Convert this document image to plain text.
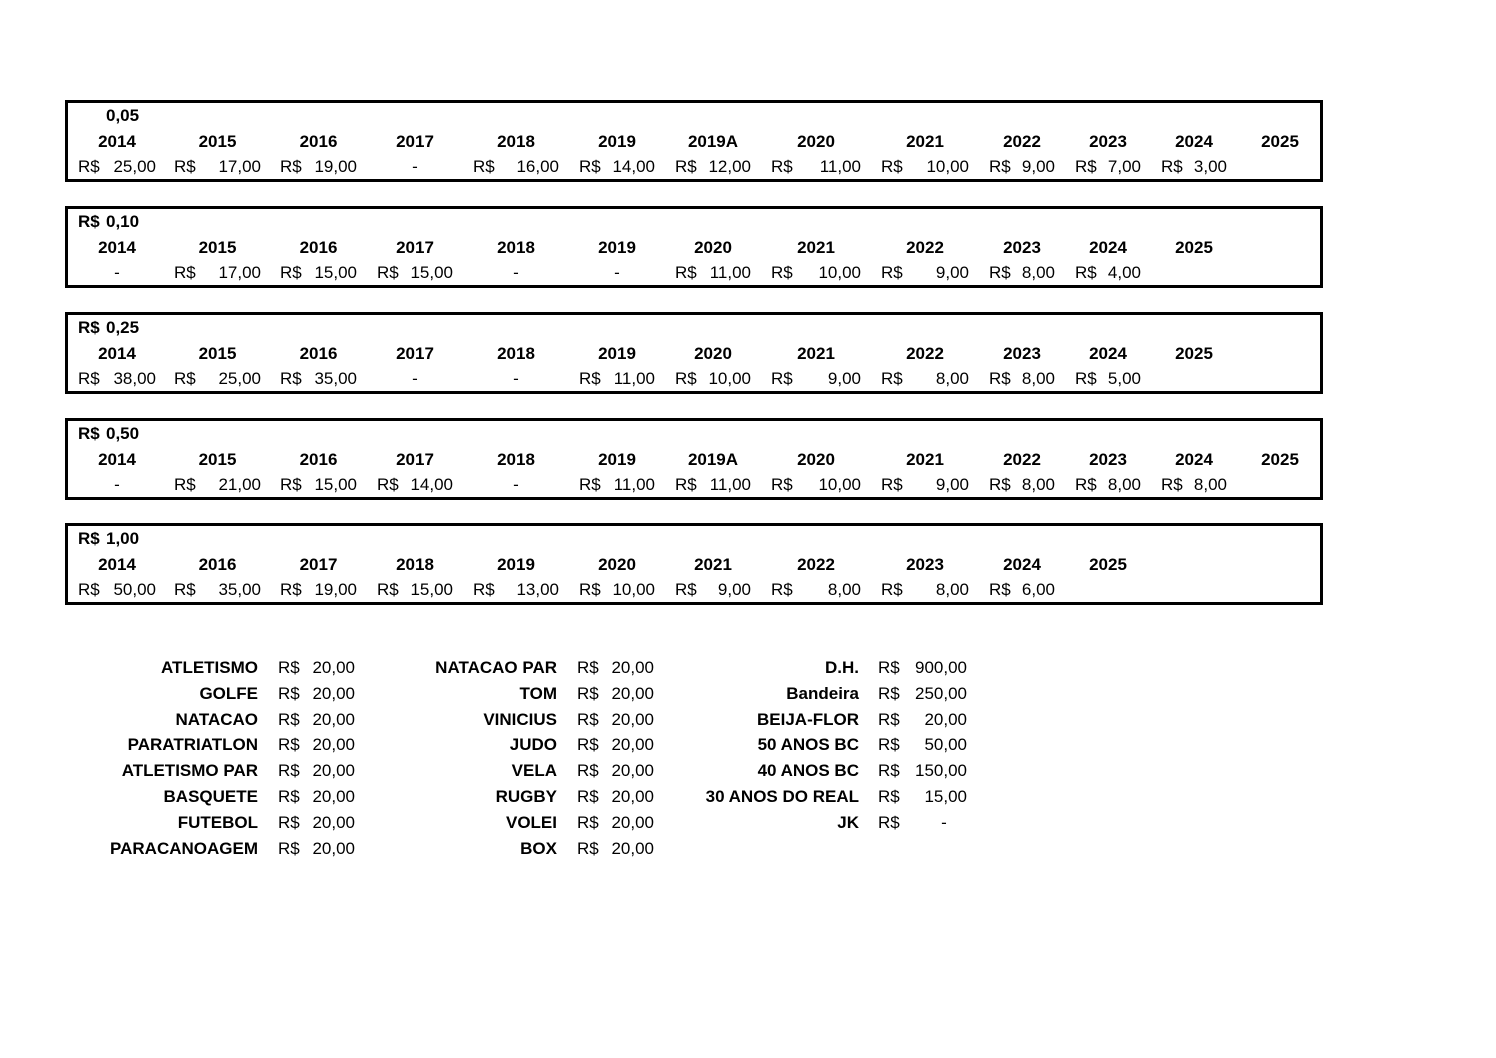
0,05
2014	2015	2016	2017	2018	2019	2019A	2020	2021	2022	2023	2024	2025
R$ 25,00 R$ 17,00 R$ 19,00	-	R$ 16,00 R$ 14,00 R$ 12,00 R$ 11,00 R$ 10,00 R$ 9,00 R$ 7,00 R$ 3,00
R$ 0,10
2014	2015	2016	2017	2018	2019	2020	2021	2022	2023	2024	2025
-	R$ 17,00 R$ 15,00 R$ 15,00	-	-	R$ 11,00 R$ 10,00 R$ 9,00 R$ 8,00 R$ 4,00
R$ 0,25
2014	2015	2016	2017	2018	2019	2020	2021	2022	2023	2024	2025
R$ 38,00 R$ 25,00 R$ 35,00	-	-	R$ 11,00 R$ 10,00 R$ 9,00 R$ 8,00 R$ 8,00 R$ 5,00
R$ 0,50
2014	2015	2016	2017	2018	2019	2019A	2020	2021	2022	2023	2024	2025
-	R$ 21,00 R$ 15,00 R$ 14,00	-	R$ 11,00 R$ 11,00 R$ 10,00 R$ 9,00 R$ 8,00 R$ 8,00 R$ 8,00
R$ 1,00
2014	2016	2017	2018	2019	2020	2021	2022	2023	2024	2025
R$ 50,00 R$ 35,00 R$ 19,00 R$ 15,00 R$ 13,00 R$ 10,00 R$ 9,00 R$ 8,00 R$ 8,00 R$ 6,00
ATLETISMO R$ 20,00
GOLFE R$ 20,00
NATACAO R$ 20,00
PARATRIATLON R$ 20,00
ATLETISMO PAR R$ 20,00
BASQUETE R$ 20,00
FUTEBOL R$ 20,00
PARACANOAGEM R$ 20,00
NATACAO PAR R$ 20,00
TOM R$ 20,00
VINICIUS R$ 20,00
JUDO R$ 20,00
VELA R$ 20,00
RUGBY R$ 20,00
VOLEI R$ 20,00
BOX R$ 20,00
D.H. R$ 900,00
Bandeira R$ 250,00
BEIJA-FLOR R$ 20,00
50 ANOS BC R$ 50,00
40 ANOS BC R$ 150,00
30 ANOS DO REAL R$ 15,00
JK R$	-
